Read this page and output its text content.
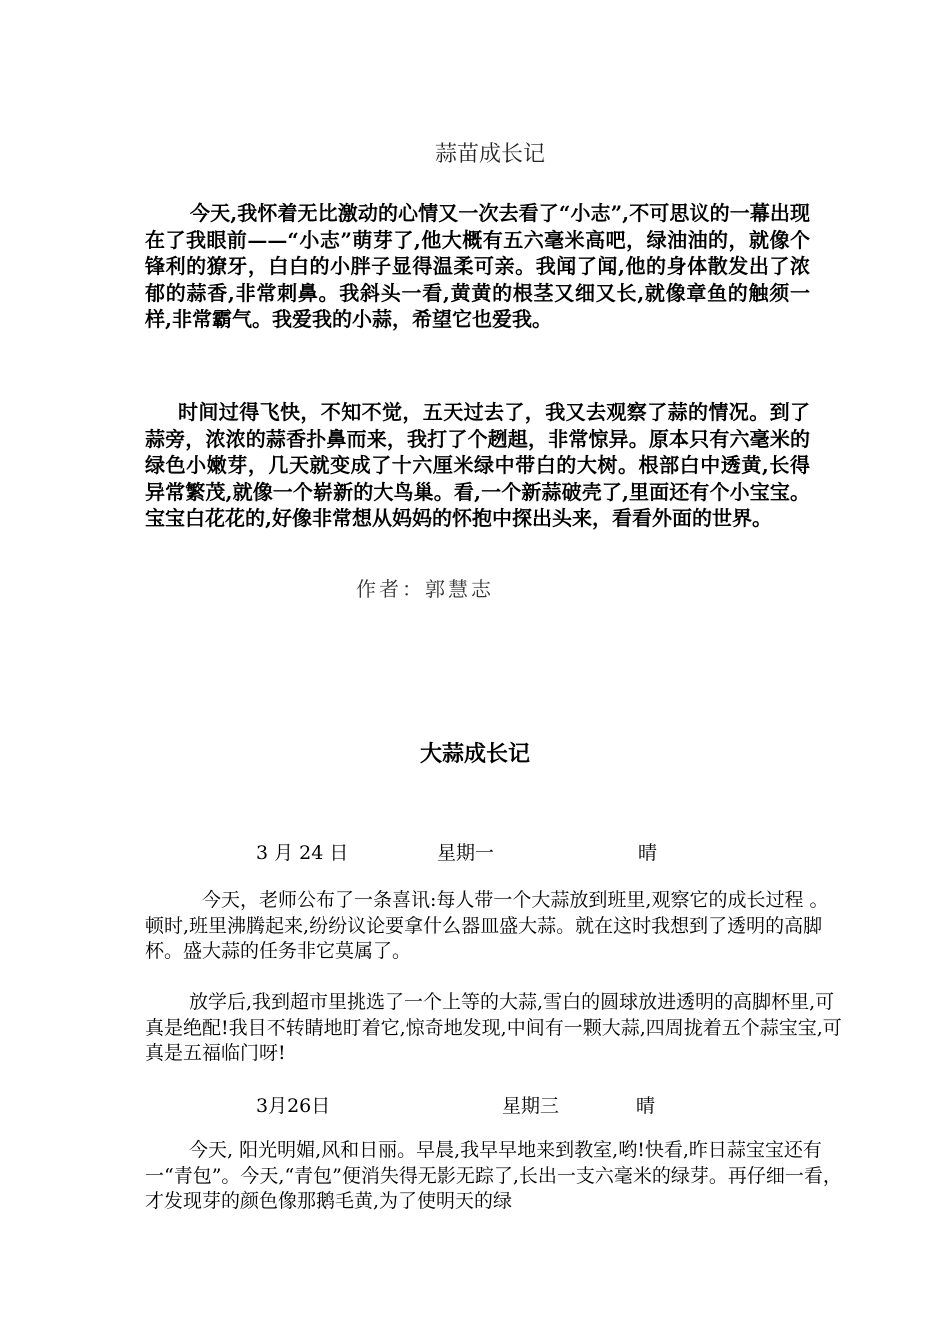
蒜苗成长记

今天,我怀着无比激动的心情又一次去看了“小志”,不可思议的一幕出现在了我眼前——“小志”萌芽了,他大概有五六毫米高吧，绿油油的，就像个锋利的獠牙，白白的小胖子显得温柔可亲。我闻了闻,他的身体散发出了浓郁的蒜香,非常刺鼻。我斜头一看,黄黄的根茎又细又长,就像章鱼的触须一样,非常霸气。我爱我的小蒜，希望它也爱我。

时间过得飞快，不知不觉，五天过去了，我又去观察了蒜的情况。到了蒜旁，浓浓的蒜香扑鼻而来，我打了个趔趄，非常惊异。原本只有六毫米的绿色小嫩芽，几天就变成了十六厘米绿中带白的大树。根部白中透黄,长得异常繁茂,就像一个崭新的大鸟巢。看,一个新蒜破壳了,里面还有个小宝宝。宝宝白花花的,好像非常想从妈妈的怀抱中探出头来，看看外面的世界。

作者：郭慧志
大蒜成长记
3 月 24 日	星期一	晴

今天，老师公布了一条喜讯:每人带一个大蒜放到班里,观察它的成长过程 。顿时,班里沸腾起来,纷纷议论要拿什么器皿盛大蒜。就在这时我想到了透明的高脚杯。盛大蒜的任务非它莫属了。

放学后,我到超市里挑选了一个上等的大蒜,雪白的圆球放进透明的高脚杯里,可真是绝配!我目不转睛地盯着它,惊奇地发现,中间有一颗大蒜,四周拢着五个蒜宝宝,可真是五福临门呀!

3月26日	星期三	晴

今天, 阳光明媚,风和日丽。早晨,我早早地来到教室,哟!快看,昨日蒜宝宝还有一“青包”。今天,“青包”便消失得无影无踪了,长出一支六毫米的绿芽。再仔细一看，才发现芽的颜色像那鹅毛黄,为了使明天的绿
